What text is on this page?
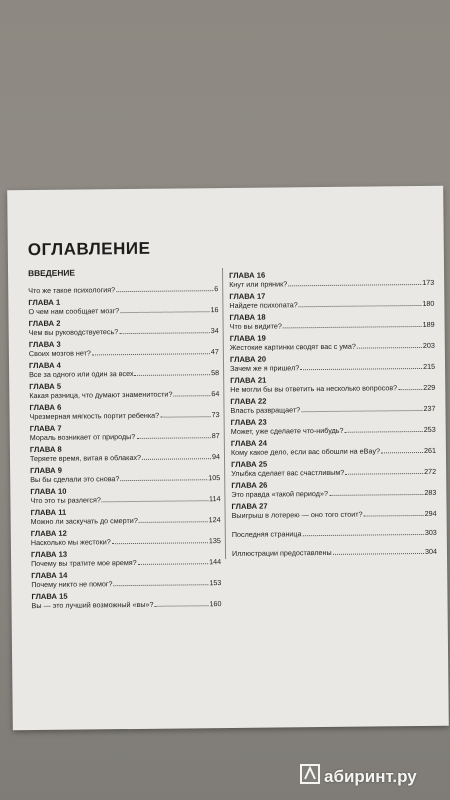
ОГЛАВЛЕНИЕ
ВВЕДЕНИЕ
Что же такое психология?	6
ГЛАВА 1
О чем нам сообщает мозг?	16
ГЛАВА 2
Чем вы руководствуетесь?	34
ГЛАВА 3
Своих мозгов нет?	47
ГЛАВА 4
Все за одного или один за всех	58
ГЛАВА 5
Какая разница, что думают знаменитости?	64
ГЛАВА 6
Чрезмерная мягкость портит ребенка?	73
ГЛАВА 7
Мораль возникает от природы?	87
ГЛАВА 8
Теряете время, витая в облаках?	94
ГЛАВА 9
Вы бы сделали это снова?	105
ГЛАВА 10
Что это ты разлегся?	114
ГЛАВА 11
Можно ли заскучать до смерти?	124
ГЛАВА 12
Насколько мы жестоки?	135
ГЛАВА 13
Почему вы тратите мое время?	144
ГЛАВА 14
Почему никто не помог?	153
ГЛАВА 15
Вы — это лучший возможный «вы»?	160
ГЛАВА 16
Кнут или пряник?	173
ГЛАВА 17
Найдете психопата?	180
ГЛАВА 18
Что вы видите?	189
ГЛАВА 19
Жестокие картинки сводят вас с ума?	203
ГЛАВА 20
Зачем же я пришел?	215
ГЛАВА 21
Не могли бы вы ответить на несколько вопросов?	229
ГЛАВА 22
Власть развращает?	237
ГЛАВА 23
Может, уже сделаете что-нибудь?	253
ГЛАВА 24
Кому какое дело, если вас обошли на eBay?	261
ГЛАВА 25
Улыбка сделает вас счастливым?	272
ГЛАВА 26
Это правда «такой период»?	283
ГЛАВА 27
Выигрыш в лотерею — оно того стоит?	294
Последняя страница	303
Иллюстрации предоставлены	304
абиринт.ру
